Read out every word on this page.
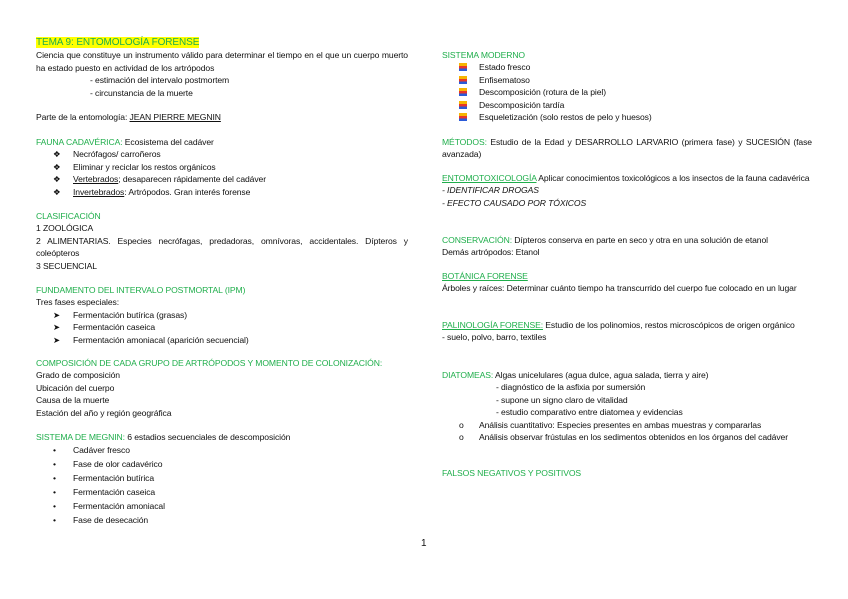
TEMA 9: ENTOMOLOGÍA FORENSE
Ciencia que constituye un instrumento válido para determinar el tiempo en el que un cuerpo muerto ha estado puesto en actividad de los artrópodos
- estimación del intervalo postmortem
- circunstancia de la muerte
Parte de la entomología: JEAN PIERRE MEGNIN
FAUNA CADAVÉRICA: Ecosistema del cadáver
❖ Necrófagos/ carroñeros
❖ Eliminar y reciclar los restos orgánicos
❖ Vertebrados; desaparecen rápidamente del cadáver
❖ Invertebrados: Artrópodos. Gran interés forense
CLASIFICACIÓN
1 ZOOLÓGICA
2 ALIMENTARIAS. Especies necrófagas, predadoras, omnívoras, accidentales. Dípteros y coleópteros
3 SECUENCIAL
FUNDAMENTO DEL INTERVALO POSTMORTAL (IPM)
Tres fases especiales:
➤ Fermentación butírica (grasas)
➤ Fermentación caseica
➤ Fermentación amoniacal (aparición secuencial)
COMPOSICIÓN DE CADA GRUPO DE ARTRÓPODOS Y MOMENTO DE COLONIZACIÓN:
Grado de composición
Ubicación del cuerpo
Causa de la muerte
Estación del año y región geográfica
SISTEMA DE MEGNIN: 6 estadios secuenciales de descomposición
• Cadáver fresco
• Fase de olor cadavérico
• Fermentación butírica
• Fermentación caseica
• Fermentación amoniacal
• Fase de desecación
SISTEMA MODERNO
Estado fresco
Enfisematoso
Descomposición (rotura de la piel)
Descomposición tardía
Esqueletización (solo restos de pelo y huesos)
MÉTODOS: Estudio de la Edad y DESARROLLO LARVARIO (primera fase) y SUCESIÓN (fase avanzada)
ENTOMOTOXICOLOGÍA Aplicar conocimientos toxicológicos a los insectos de la fauna cadavérica
- IDENTIFICAR DROGAS
- EFECTO CAUSADO POR TÓXICOS
CONSERVACIÓN: Dípteros conserva en parte en seco y otra en una solución de etanol
Demás artrópodos: Etanol
BOTÁNICA FORENSE
Árboles y raíces: Determinar cuánto tiempo ha transcurrido del cuerpo fue colocado en un lugar
PALINOLOGÍA FORENSE: Estudio de los polinomios, restos microscópicos de origen orgánico
- suelo, polvo, barro, textiles
DIATOMEAS: Algas unicelulares (agua dulce, agua salada, tierra y aire)
- diagnóstico de la asfixia por sumersión
- supone un signo claro de vitalidad
- estudio comparativo entre diatomea y evidencias
o Análisis cuantitativo: Especies presentes en ambas muestras y compararlas
o Análisis observar frústulas en los sedimentos obtenidos en los órganos del cadáver
FALSOS NEGATIVOS Y POSITIVOS
1
